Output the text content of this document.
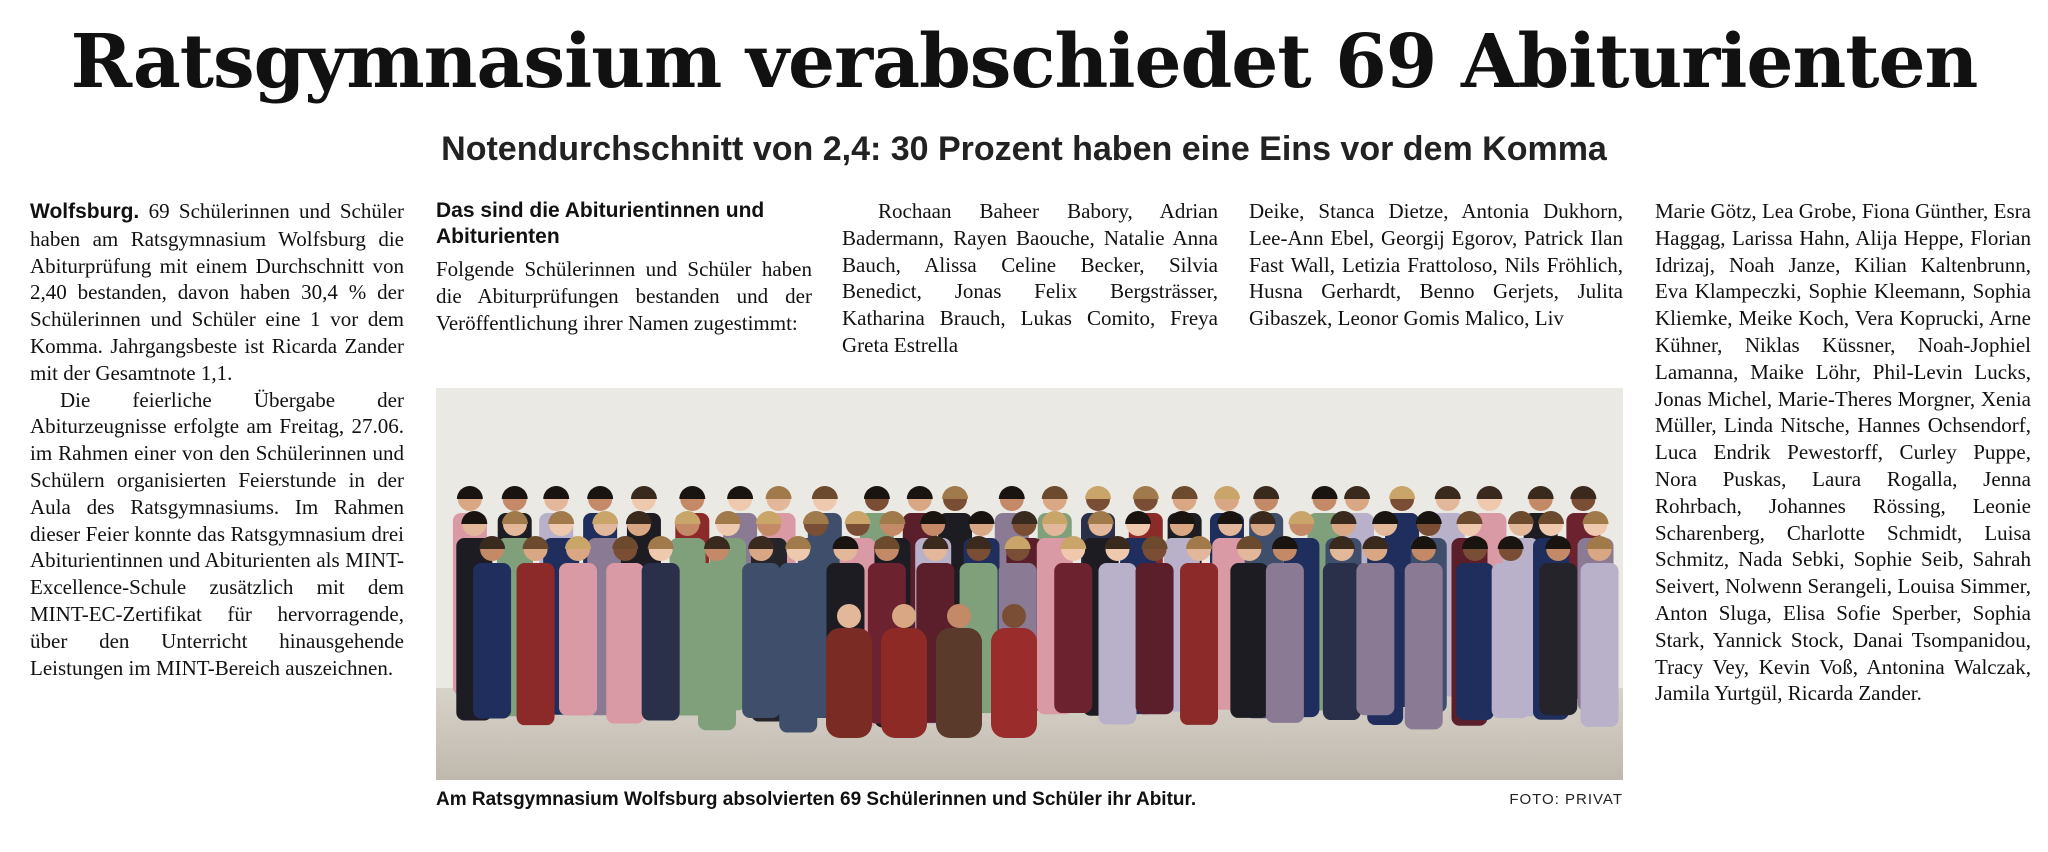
Ratsgymnasium verabschiedet 69 Abiturienten
Notendurchschnitt von 2,4: 30 Prozent haben eine Eins vor dem Komma

Wolfsburg. 69 Schülerinnen und Schüler haben am Ratsgymnasium Wolfsburg die Abiturprüfung mit einem Durchschnitt von 2,40 bestanden, davon haben 30,4 % der Schülerinnen und Schüler eine 1 vor dem Komma. Jahrgangsbeste ist Ricarda Zander mit der Gesamtnote 1,1.

Die feierliche Übergabe der Abiturzeugnisse erfolgte am Freitag, 27.06. im Rahmen einer von den Schülerinnen und Schülern organisierten Feierstunde in der Aula des Ratsgymnasiums. Im Rahmen dieser Feier konnte das Ratsgymnasium drei Abiturientinnen und Abiturienten als MINT-Excellence-Schule zusätzlich mit dem MINT-EC-Zertifikat für hervorragende, über den Unterricht hinausgehende Leistungen im MINT-Bereich auszeichnen.

Das sind die Abiturientinnen und Abiturienten

Folgende Schülerinnen und Schüler haben die Abiturprüfungen bestanden und der Veröffentlichung ihrer Namen zugestimmt:

Rochaan Baheer Babory, Adrian Badermann, Rayen Baouche, Natalie Anna Bauch, Alissa Celine Becker, Silvia Benedict, Jonas Felix Bergsträsser, Katharina Brauch, Lukas Comito, Freya Greta Estrella

Deike, Stanca Dietze, Antonia Dukhorn, Lee-Ann Ebel, Georgij Egorov, Patrick Ilan Fast Wall, Letizia Frattoloso, Nils Fröhlich, Husna Gerhardt, Benno Gerjets, Julita Gibaszek, Leonor Gomis Malico, Liv

Marie Götz, Lea Grobe, Fiona Günther, Esra Haggag, Larissa Hahn, Alija Heppe, Florian Idrizaj, Noah Janze, Kilian Kaltenbrunn, Eva Klampeczki, Sophie Kleemann, Sophia Kliemke, Meike Koch, Vera Koprucki, Arne Kühner, Niklas Küssner, Noah-Jophiel Lamanna, Maike Löhr, Phil-Levin Lucks, Jonas Michel, Marie-Theres Morgner, Xenia Müller, Linda Nitsche, Hannes Ochsendorf, Luca Endrik Pewestorff, Curley Puppe, Nora Puskas, Laura Rogalla, Jenna Rohrbach, Johannes Rössing, Leonie Scharenberg, Charlotte Schmidt, Luisa Schmitz, Nada Sebki, Sophie Seib, Sahrah Seivert, Nolwenn Serangeli, Louisa Simmer, Anton Sluga, Elisa Sofie Sperber, Sophia Stark, Yannick Stock, Danai Tsompanidou, Tracy Vey, Kevin Voß, Antonina Walczak, Jamila Yurtgül, Ricarda Zander.

Am Ratsgymnasium Wolfsburg absolvierten 69 Schülerinnen und Schüler ihr Abitur.	FOTO: PRIVAT
